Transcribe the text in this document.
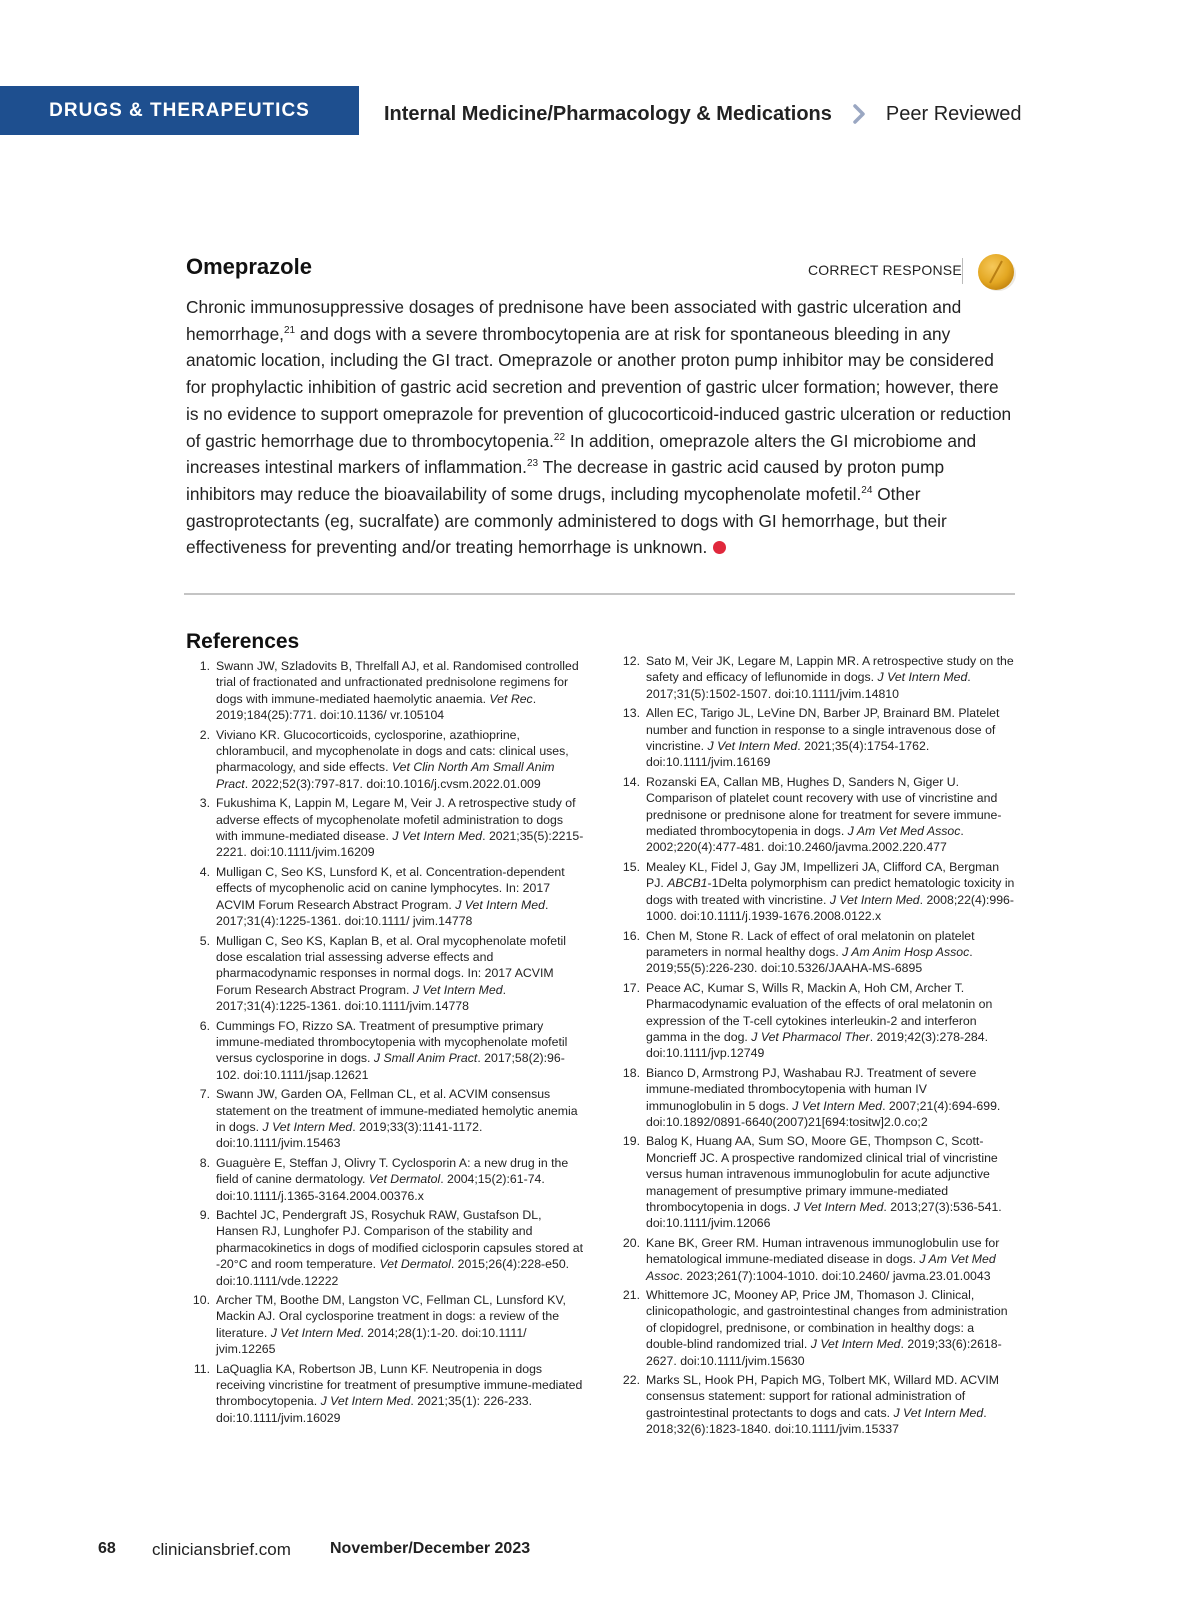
DRUGS & THERAPEUTICS	Internal Medicine/Pharmacology & Medications	Peer Reviewed
Omeprazole	CORRECT RESPONSE
Chronic immunosuppressive dosages of prednisone have been associated with gastric ulceration and hemorrhage,$^{21}$ and dogs with a severe thrombocytopenia are at risk for spontaneous bleeding in any anatomic location, including the GI tract. Omeprazole or another proton pump inhibitor may be considered for prophylactic inhibition of gastric acid secretion and prevention of gastric ulcer formation; however, there is no evidence to support omeprazole for prevention of glucocorticoid-induced gastric ulceration or reduction of gastric hemorrhage due to thrombocytopenia.$^{22}$ In addition, omeprazole alters the GI microbiome and increases intestinal markers of inflammation.$^{23}$ The decrease in gastric acid caused by proton pump inhibitors may reduce the bioavailability of some drugs, including mycophenolate mofetil.$^{24}$ Other gastroprotectants (eg, sucralfate) are commonly administered to dogs with GI hemorrhage, but their effectiveness for preventing and/or treating hemorrhage is unknown.
References
1. Swann JW, Szladovits B, Threlfall AJ, et al. Randomised controlled trial of fractionated and unfractionated prednisolone regimens for dogs with immune-mediated haemolytic anaemia. Vet Rec. 2019;184(25):771. doi:10.1136/ vr.105104
2. Viviano KR. Glucocorticoids, cyclosporine, azathioprine, chlorambucil, and mycophenolate in dogs and cats: clinical uses, pharmacology, and side effects. Vet Clin North Am Small Anim Pract. 2022;52(3):797-817. doi:10.1016/j.cvsm.2022.01.009
3. Fukushima K, Lappin M, Legare M, Veir J. A retrospective study of adverse effects of mycophenolate mofetil administration to dogs with immune-mediated disease. J Vet Intern Med. 2021;35(5):2215-2221. doi:10.1111/jvim.16209
4. Mulligan C, Seo KS, Lunsford K, et al. Concentration-dependent effects of mycophenolic acid on canine lymphocytes. In: 2017 ACVIM Forum Research Abstract Program. J Vet Intern Med. 2017;31(4):1225-1361. doi:10.1111/ jvim.14778
5. Mulligan C, Seo KS, Kaplan B, et al. Oral mycophenolate mofetil dose escalation trial assessing adverse effects and pharmacodynamic responses in normal dogs. In: 2017 ACVIM Forum Research Abstract Program. J Vet Intern Med. 2017;31(4):1225-1361. doi:10.1111/jvim.14778
6. Cummings FO, Rizzo SA. Treatment of presumptive primary immune-mediated thrombocytopenia with mycophenolate mofetil versus cyclosporine in dogs. J Small Anim Pract. 2017;58(2):96-102. doi:10.1111/jsap.12621
7. Swann JW, Garden OA, Fellman CL, et al. ACVIM consensus statement on the treatment of immune-mediated hemolytic anemia in dogs. J Vet Intern Med. 2019;33(3):1141-1172. doi:10.1111/jvim.15463
8. Guaguère E, Steffan J, Olivry T. Cyclosporin A: a new drug in the field of canine dermatology. Vet Dermatol. 2004;15(2):61-74. doi:10.1111/j.1365-3164.2004.00376.x
9. Bachtel JC, Pendergraft JS, Rosychuk RAW, Gustafson DL, Hansen RJ, Lunghofer PJ. Comparison of the stability and pharmacokinetics in dogs of modified ciclosporin capsules stored at -20°C and room temperature. Vet Dermatol. 2015;26(4):228-e50. doi:10.1111/vde.12222
10. Archer TM, Boothe DM, Langston VC, Fellman CL, Lunsford KV, Mackin AJ. Oral cyclosporine treatment in dogs: a review of the literature. J Vet Intern Med. 2014;28(1):1-20. doi:10.1111/ jvim.12265
11. LaQuaglia KA, Robertson JB, Lunn KF. Neutropenia in dogs receiving vincristine for treatment of presumptive immune-mediated thrombocytopenia. J Vet Intern Med. 2021;35(1): 226-233. doi:10.1111/jvim.16029
12. Sato M, Veir JK, Legare M, Lappin MR. A retrospective study on the safety and efficacy of leflunomide in dogs. J Vet Intern Med. 2017;31(5):1502-1507. doi:10.1111/jvim.14810
13. Allen EC, Tarigo JL, LeVine DN, Barber JP, Brainard BM. Platelet number and function in response to a single intravenous dose of vincristine. J Vet Intern Med. 2021;35(4):1754-1762. doi:10.1111/jvim.16169
14. Rozanski EA, Callan MB, Hughes D, Sanders N, Giger U. Comparison of platelet count recovery with use of vincristine and prednisone or prednisone alone for treatment for severe immune-mediated thrombocytopenia in dogs. J Am Vet Med Assoc. 2002;220(4):477-481. doi:10.2460/javma.2002.220.477
15. Mealey KL, Fidel J, Gay JM, Impellizeri JA, Clifford CA, Bergman PJ. ABCB1-1Delta polymorphism can predict hematologic toxicity in dogs with treated with vincristine. J Vet Intern Med. 2008;22(4):996-1000. doi:10.1111/j.1939-1676.2008.0122.x
16. Chen M, Stone R. Lack of effect of oral melatonin on platelet parameters in normal healthy dogs. J Am Anim Hosp Assoc. 2019;55(5):226-230. doi:10.5326/JAAHA-MS-6895
17. Peace AC, Kumar S, Wills R, Mackin A, Hoh CM, Archer T. Pharmacodynamic evaluation of the effects of oral melatonin on expression of the T-cell cytokines interleukin-2 and interferon gamma in the dog. J Vet Pharmacol Ther. 2019;42(3):278-284. doi:10.1111/jvp.12749
18. Bianco D, Armstrong PJ, Washabau RJ. Treatment of severe immune-mediated thrombocytopenia with human IV immunoglobulin in 5 dogs. J Vet Intern Med. 2007;21(4):694-699. doi:10.1892/0891-6640(2007)21[694:tositw]2.0.co;2
19. Balog K, Huang AA, Sum SO, Moore GE, Thompson C, Scott-Moncrieff JC. A prospective randomized clinical trial of vincristine versus human intravenous immunoglobulin for acute adjunctive management of presumptive primary immune-mediated thrombocytopenia in dogs. J Vet Intern Med. 2013;27(3):536-541. doi:10.1111/jvim.12066
20. Kane BK, Greer RM. Human intravenous immunoglobulin use for hematological immune-mediated disease in dogs. J Am Vet Med Assoc. 2023;261(7):1004-1010. doi:10.2460/ javma.23.01.0043
21. Whittemore JC, Mooney AP, Price JM, Thomason J. Clinical, clinicopathologic, and gastrointestinal changes from administration of clopidogrel, prednisone, or combination in healthy dogs: a double-blind randomized trial. J Vet Intern Med. 2019;33(6):2618-2627. doi:10.1111/jvim.15630
22. Marks SL, Hook PH, Papich MG, Tolbert MK, Willard MD. ACVIM consensus statement: support for rational administration of gastrointestinal protectants to dogs and cats. J Vet Intern Med. 2018;32(6):1823-1840. doi:10.1111/jvim.15337
68 cliniciansbrief.com November/December 2023
